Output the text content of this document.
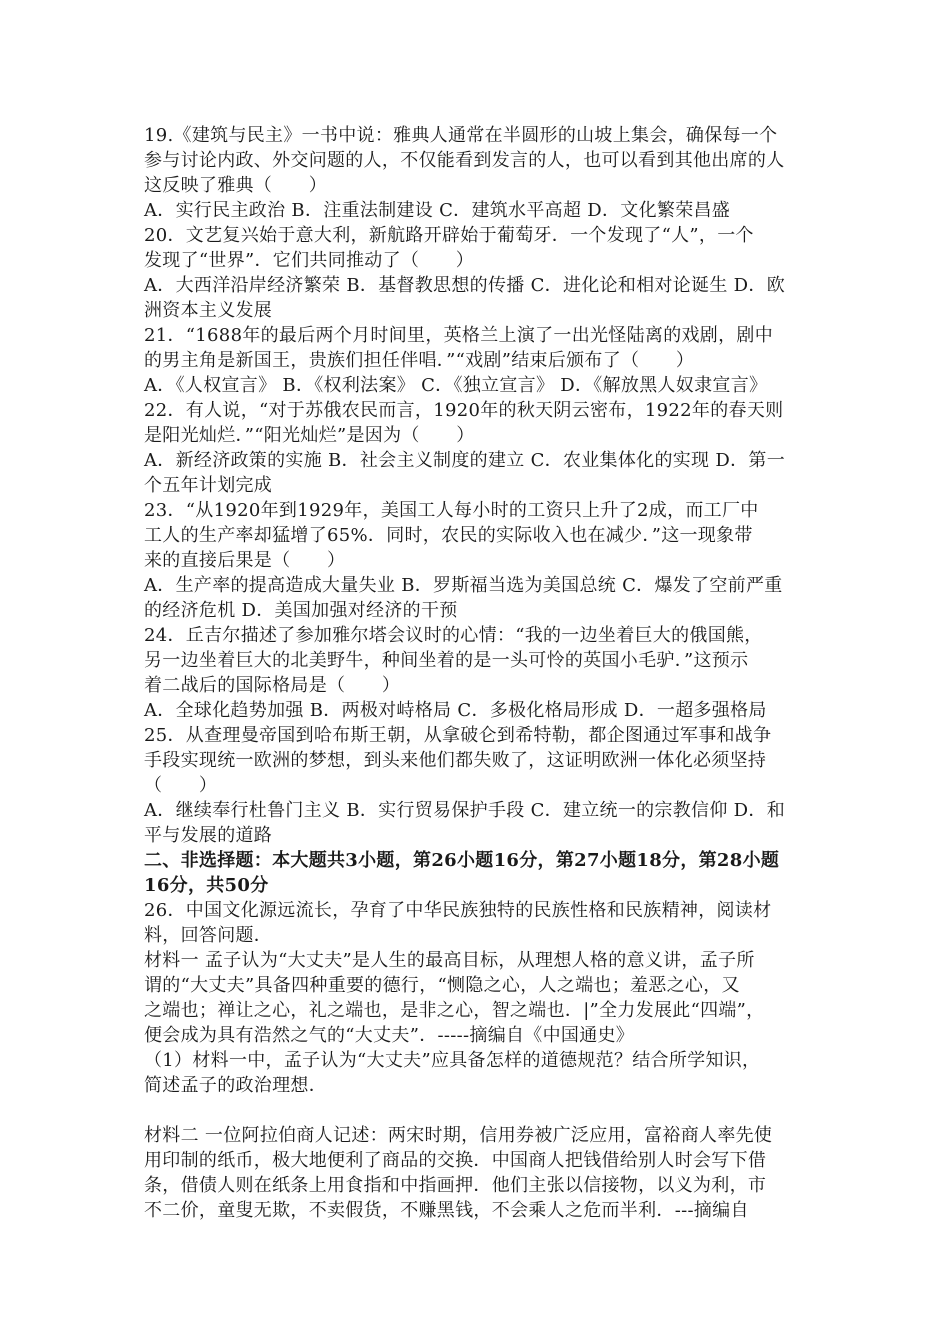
19.《建筑与民主》一书中说：雅典人通常在半圆形的山坡上集会，确保每一个
参与讨论内政、外交问题的人，不仅能看到发言的人，也可以看到其他出席的人
这反映了雅典（　　）
A．实行民主政治 B．注重法制建设 C．建筑水平高超 D．文化繁荣昌盛
20．文艺复兴始于意大利，新航路开辟始于葡萄牙．一个发现了“人”，一个
发现了“世界”．它们共同推动了（　　）
A．大西洋沿岸经济繁荣 B．基督教思想的传播 C．进化论和相对论诞生 D．欧
洲资本主义发展
21．“1688年的最后两个月时间里，英格兰上演了一出光怪陆离的戏剧，剧中
的男主角是新国王，贵族们担任伴唱．”“戏剧”结束后颁布了（　　）
A．《人权宣言》 B．《权利法案》 C．《独立宣言》 D．《解放黑人奴隶宣言》
22．有人说，“对于苏俄农民而言，1920年的秋天阴云密布，1922年的春天则
是阳光灿烂．”“阳光灿烂”是因为（　　）
A．新经济政策的实施 B．社会主义制度的建立 C．农业集体化的实现 D．第一
个五年计划完成
23．“从1920年到1929年，美国工人每小时的工资只上升了2成，而工厂中
工人的生产率却猛增了65%．同时，农民的实际收入也在减少．”这一现象带
来的直接后果是（　　）
A．生产率的提高造成大量失业 B．罗斯福当选为美国总统 C．爆发了空前严重
的经济危机 D．美国加强对经济的干预
24．丘吉尔描述了参加雅尔塔会议时的心情：“我的一边坐着巨大的俄国熊，
另一边坐着巨大的北美野牛，种间坐着的是一头可怜的英国小毛驴．”这预示
着二战后的国际格局是（　　）
A．全球化趋势加强 B．两极对峙格局 C．多极化格局形成 D．一超多强格局
25．从查理曼帝国到哈布斯王朝，从拿破仑到希特勒，都企图通过军事和战争
手段实现统一欧洲的梦想，到头来他们都失败了，这证明欧洲一体化必须坚持
（　　）
A．继续奉行杜鲁门主义 B．实行贸易保护手段 C．建立统一的宗教信仰 D．和
平与发展的道路
二、非选择题：本大题共3小题，第26小题16分，第27小题18分，第28小题
16分，共50分
26．中国文化源远流长，孕育了中华民族独特的民族性格和民族精神，阅读材
料，回答问题．
材料一 孟子认为“大丈夫”是人生的最高目标，从理想人格的意义讲，孟子所
谓的“大丈夫”具备四种重要的德行，“恻隐之心，人之端也；羞恶之心，又
之端也；禅让之心，礼之端也，是非之心，智之端也．|”全力发展此“四端”，
便会成为具有浩然之气的“大丈夫”．-----摘编自《中国通史》
（1）材料一中，孟子认为“大丈夫”应具备怎样的道德规范？结合所学知识，
简述孟子的政治理想．
材料二 一位阿拉伯商人记述：两宋时期，信用券被广泛应用，富裕商人率先使
用印制的纸币，极大地便利了商品的交换．中国商人把钱借给别人时会写下借
条，借债人则在纸条上用食指和中指画押．他们主张以信接物，以义为利，市
不二价，童叟无欺，不卖假货，不赚黑钱，不会乘人之危而半利．---摘编自
